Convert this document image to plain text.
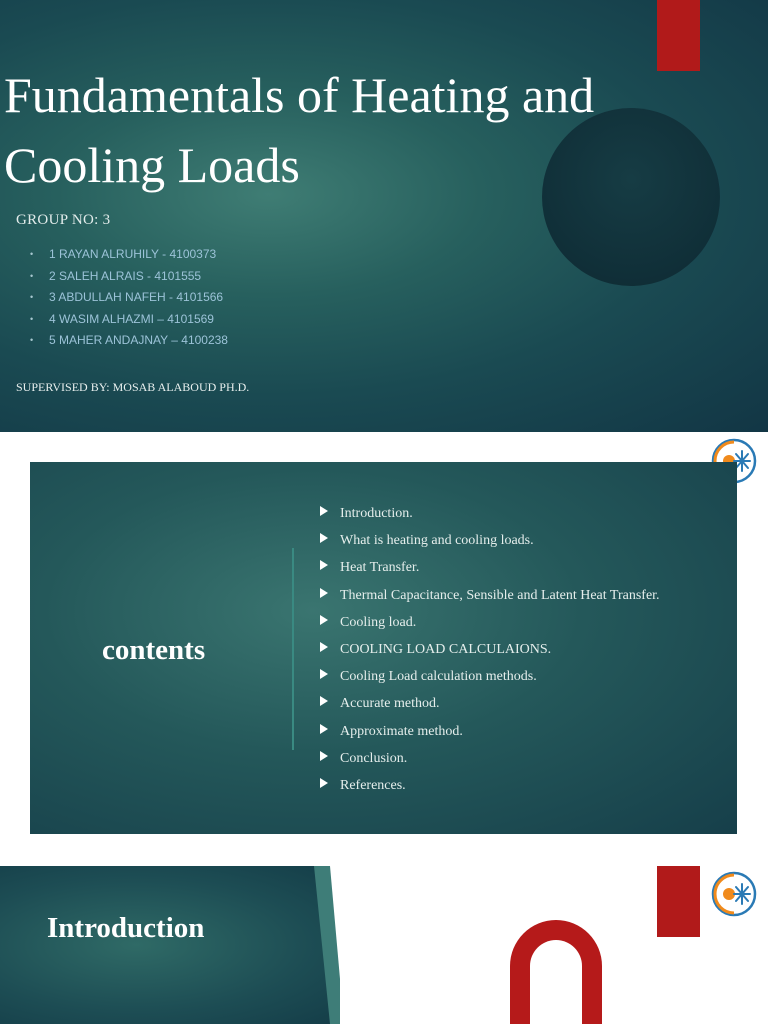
Fundamentals of Heating and Cooling Loads
GROUP NO: 3
•	1 RAYAN ALRUHILY - 4100373
•	2 SALEH ALRAIS - 4101555
•	3 ABDULLAH NAFEH - 4101566
•	4 WASIM ALHAZMI – 4101569
•	5 MAHER ANDAJNAY – 4100238
SUPERVISED BY: MOSAB ALABOUD PH.D.
contents
Introduction.
What is heating and cooling loads.
Heat Transfer.
Thermal Capacitance, Sensible and Latent Heat Transfer.
Cooling load.
COOLING LOAD CALCULAIONS.
Cooling Load calculation methods.
Accurate method.
Approximate method.
Conclusion.
References.
Introduction
